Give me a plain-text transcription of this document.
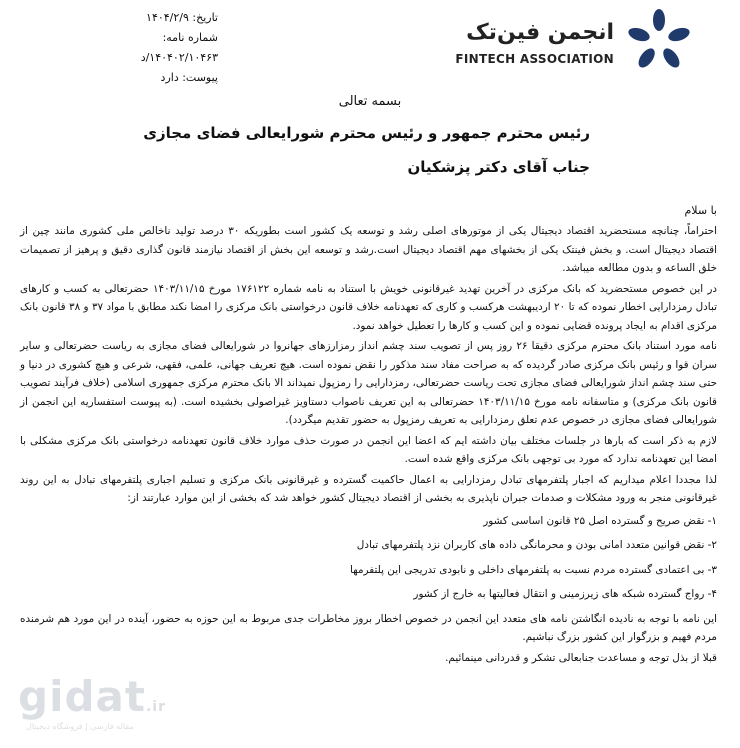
تاریخ: ۱۴۰۴/۲/۹
شماره نامه: ۱۴۰۴۰۲/۱۰۴۶۳/د
پیوست: دارد
انجمن فین‌تک
FINTECH ASSOCIATION
بسمه تعالی
رئیس محترم جمهور و رئیس محترم شورایعالی فضای مجازی
جناب آقای دکتر پزشکیان
با سلام

احتراماً، چنانچه مستحضرید اقتصاد دیجیتال یکی از موتورهای اصلی رشد و توسعه یک کشور است بطوریکه ۳۰ درصد تولید ناخالص ملی کشوری مانند چین از اقتصاد دیجیتال است. و بخش فینتک یکی از بخشهای مهم اقتصاد دیجیتال است.رشد و توسعه این بخش از اقتصاد نیازمند قانون گذاری دقیق و پرهیز از تصمیمات خلق الساعه و بدون مطالعه میباشد.

در این خصوص مستحضرید که بانک مرکزی در آخرین تهدید غیرقانونی خویش با استناد به نامه شماره ۱۷۶۱۲۲ مورخ ۱۴۰۳/۱۱/۱۵ حضرتعالی به کسب و کارهای تبادل رمزدارایی اخطار نموده که تا ۲۰ اردیبهشت هرکسب و کاری که تعهدنامه خلاف قانون درخواستی بانک مرکزی را امضا نکند مطابق با مواد ۳۷ و ۳۸ قانون بانک مرکزی اقدام به ایجاد پرونده قضایی نموده و این کسب و کارها را تعطیل خواهد نمود.

نامه مورد استناد بانک محترم مرکزی دقیقا ۲۶ روز پس از تصویب سند چشم انداز رمزارزهای جهانروا در شورایعالی فضای مجازی به ریاست حضرتعالی و سایر سران قوا و رئیس بانک مرکزی صادر گردیده که به صراحت مفاد سند مذکور را نقض نموده است. هیچ تعریف جهانی، علمی، فقهی، شرعی و هیچ کشوری در دنیا و حتی سند چشم انداز شورایعالی فضای مجازی تحت ریاست حضرتعالی، رمزدارایی را رمزپول نمیداند الا بانک محترم مرکزی جمهوری اسلامی (خلاف فرآیند تصویب قانون بانک مرکزی) و متاسفانه نامه مورخ ۱۴۰۳/۱۱/۱۵ حضرتعالی به این تعریف ناصواب دستاویز غیراصولی بخشیده است. (به پیوست استفساریه این انجمن از شورایعالی فضای مجازی در خصوص عدم تعلق رمزدارایی به تعریف رمزپول به حضور تقدیم میگردد).

لازم به ذکر است که بارها در جلسات مختلف بیان داشته ایم که اعضا این انجمن در صورت حذف موارد خلاف قانون تعهدنامه درخواستی بانک مرکزی مشکلی با امضا این تعهدنامه ندارد که مورد بی توجهی بانک مرکزی واقع شده است.

لذا مجددا اعلام میداریم که اجبار پلتفرمهای تبادل رمزدارایی به اعمال حاکمیت گسترده و غیرقانونی بانک مرکزی و تسلیم اجباری پلتفرمهای تبادل به این روند غیرقانونی منجر به ورود مشکلات و صدمات جبران ناپذیری به بخشی از اقتصاد دیجیتال کشور خواهد شد که بخشی از این موارد عبارتند از:

۱- نقض صریح و گسترده اصل ۲۵ قانون اساسی کشور
۲- نقض قوانین متعدد امانی بودن و محرمانگی داده های کاربران نزد پلتفرمهای تبادل
۳- بی اعتمادی گسترده مردم نسبت به پلتفرمهای داخلی و نابودی تدریجی این پلتفرمها
۴- رواج گسترده شبکه های زیرزمینی و انتقال فعالیتها به خارج از کشور

این نامه با توجه به نادیده انگاشتن نامه های متعدد این انجمن در خصوص اخطار بروز مخاطرات جدی مربوط به این حوزه به حضور، آینده در این مورد هم شرمنده مردم فهیم و بزرگوار این کشور بزرگ نباشیم.

قبلا از بذل توجه و مساعدت جنابعالی تشکر و قدردانی مینمائیم.

gidat.ir
مقاله فارسی | فروشگاه دیجیتال
